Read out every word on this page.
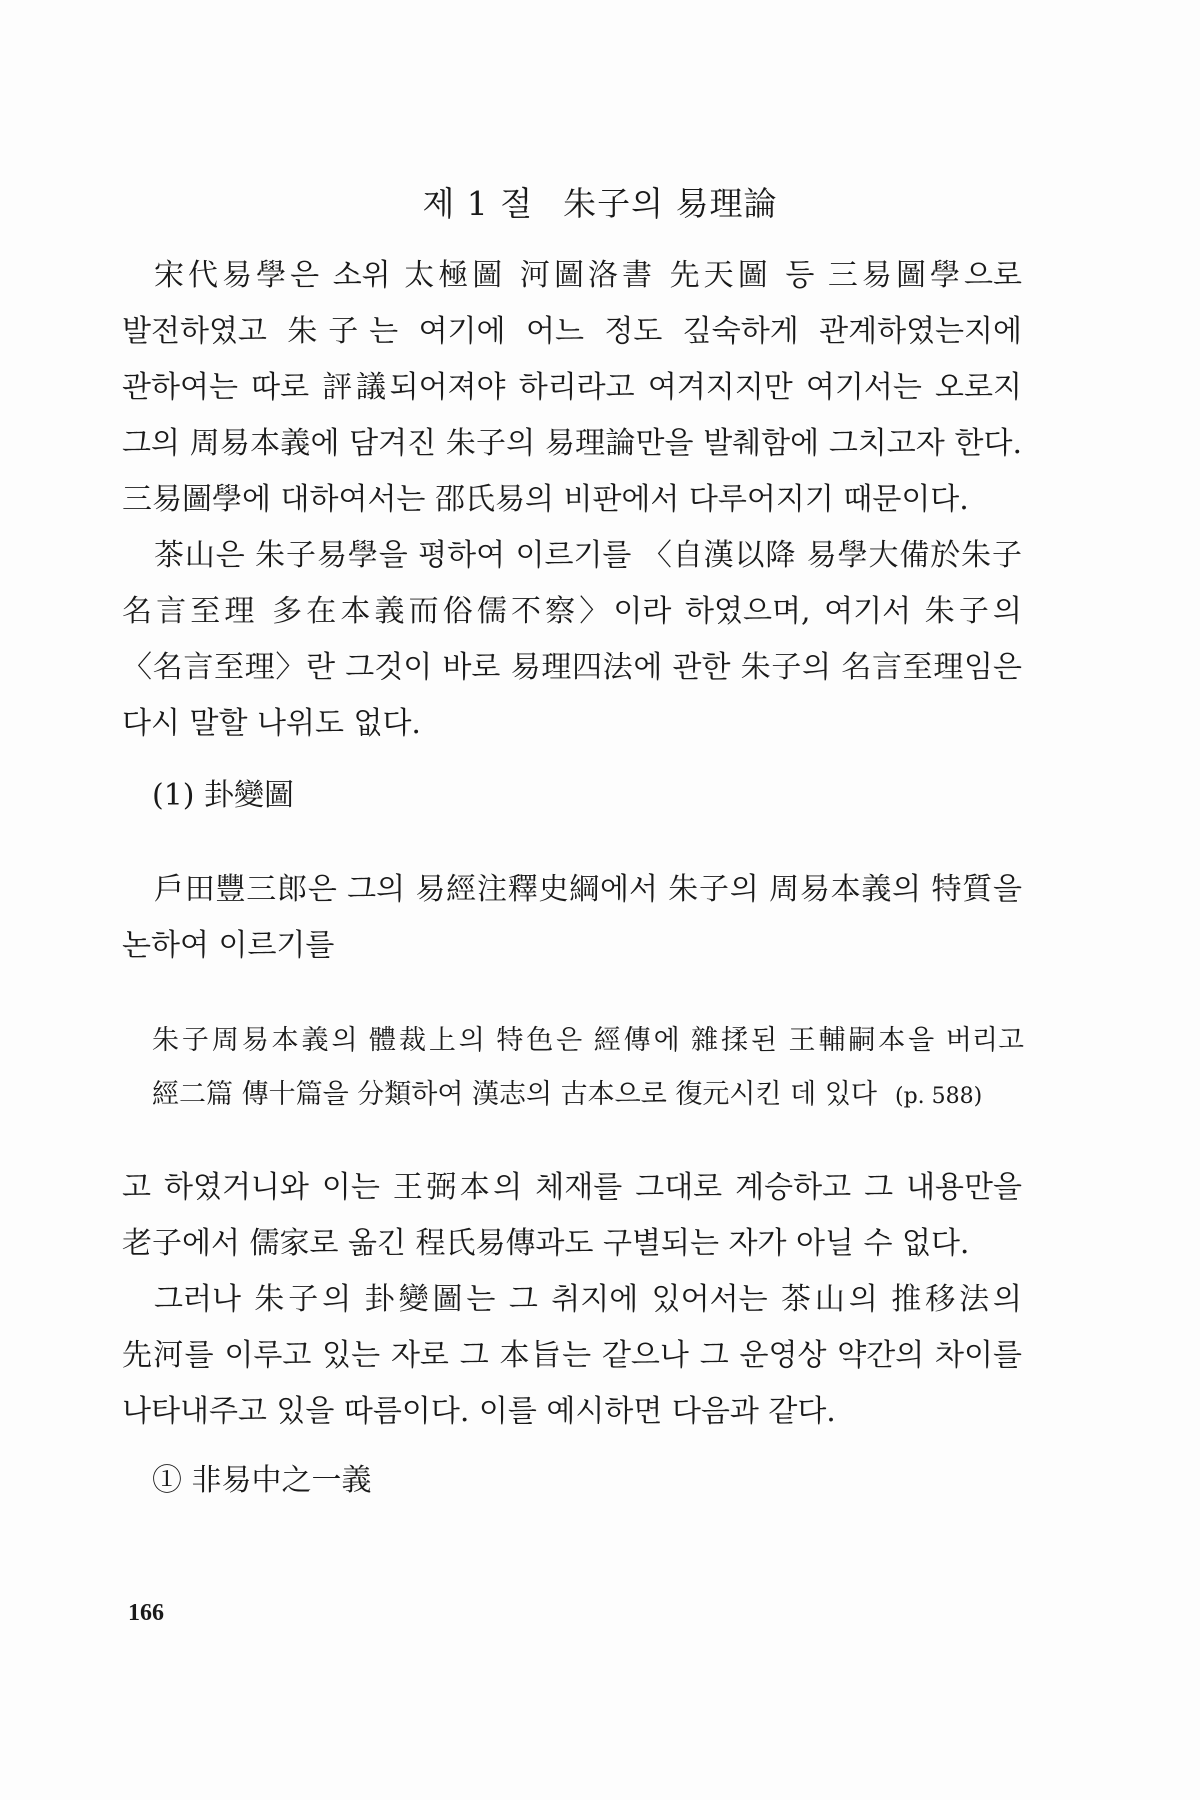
제 1 절 朱子의 易理論

宋代易學은 소위 太極圖 河圖洛書 先天圖 등 三易圖學으로 발전하였고 朱子는 여기에 어느 정도 깊숙하게 관계하였는지에 관하여는 따로 評議되어져야 하리라고 여겨지지만 여기서는 오로지 그의 周易本義에 담겨진 朱子의 易理論만을 발췌함에 그치고자 한다. 三易圖學에 대하여서는 邵氏易의 비판에서 다루어지기 때문이다.

茶山은 朱子易學을 평하여 이르기를 〈自漢以降 易學大備於朱子 名言至理 多在本義而俗儒不察〉이라 하였으며, 여기서 朱子의 〈名言至理〉란 그것이 바로 易理四法에 관한 朱子의 名言至理임은 다시 말할 나위도 없다.

(1) 卦變圖

戶田豐三郎은 그의 易經注釋史綱에서 朱子의 周易本義의 特質을 논하여 이르기를

朱子周易本義의 體裁上의 特色은 經傳에 雜揉된 王輔嗣本을 버리고 經二篇 傳十篇을 分類하여 漢志의 古本으로 復元시킨 데 있다 (p. 588)

고 하였거니와 이는 王弼本의 체재를 그대로 계승하고 그 내용만을 老子에서 儒家로 옮긴 程氏易傳과도 구별되는 자가 아닐 수 없다.

그러나 朱子의 卦變圖는 그 취지에 있어서는 茶山의 推移法의 先河를 이루고 있는 자로 그 本旨는 같으나 그 운영상 약간의 차이를 나타내주고 있을 따름이다. 이를 예시하면 다음과 같다.

① 非易中之一義
166
